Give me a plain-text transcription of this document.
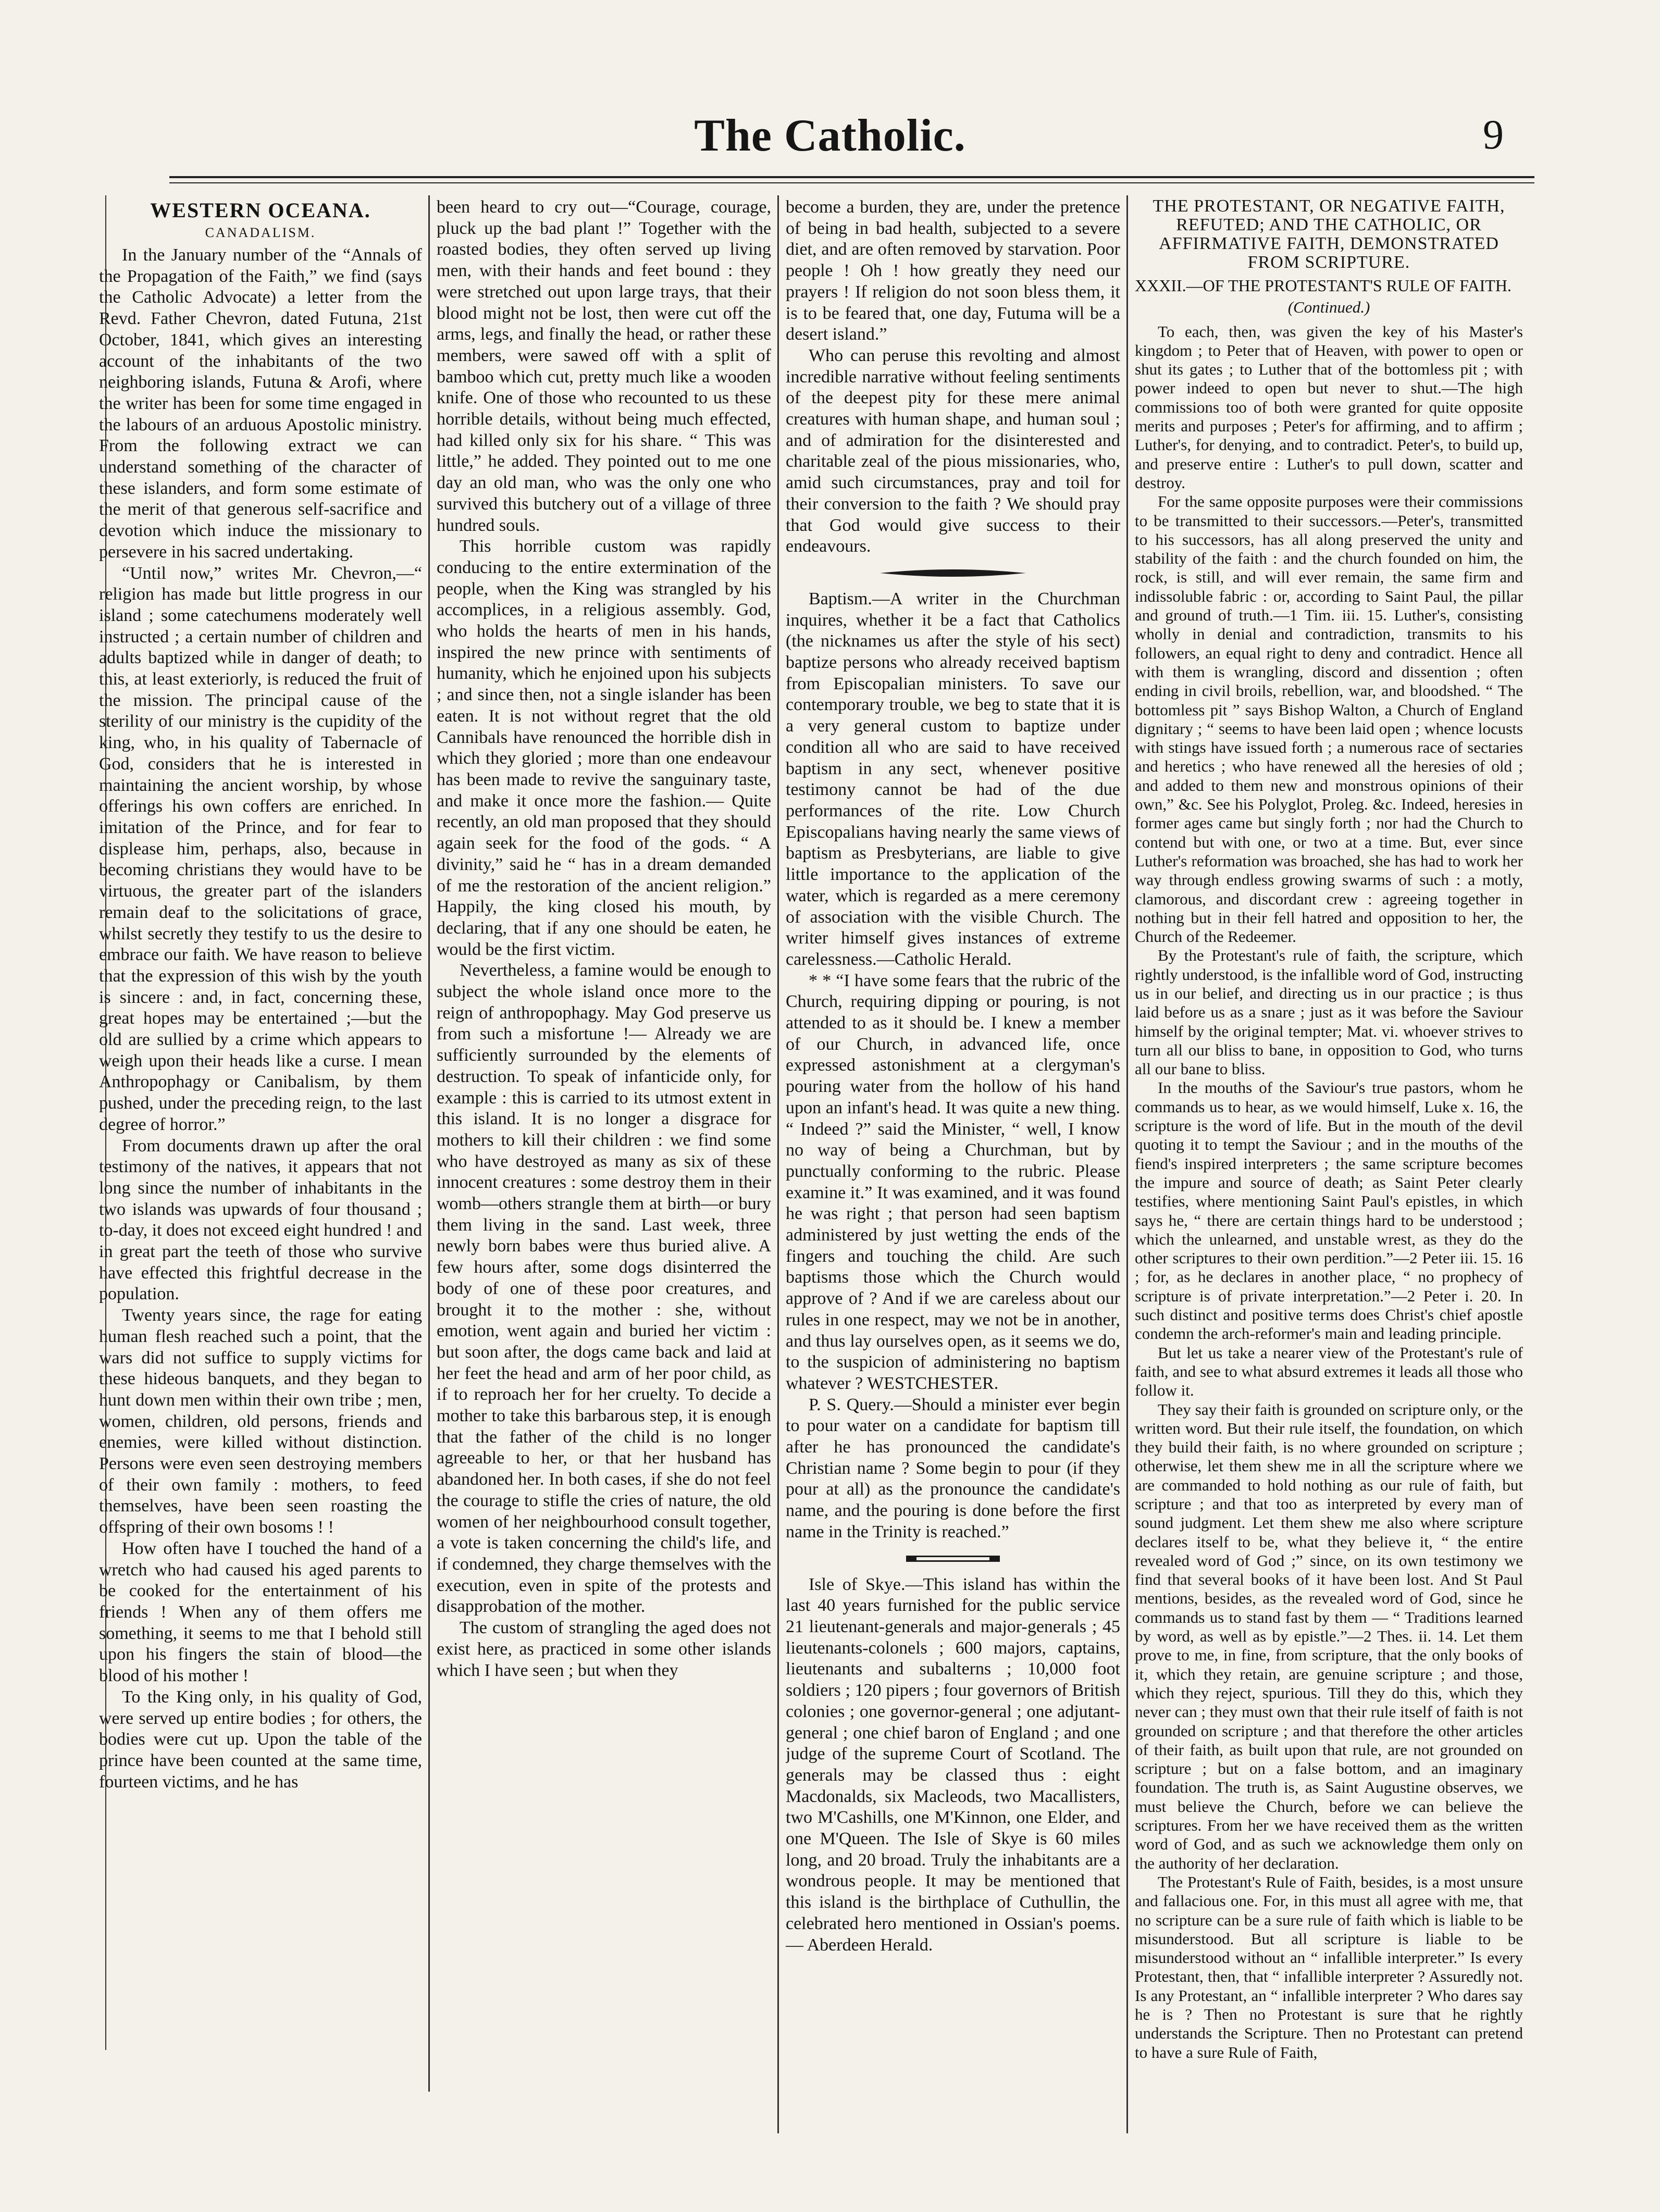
The Catholic.	9
WESTERN OCEANA.
CANADALISM.

In the January number of the “Annals of the Propagation of the Faith,” we find (says the Catholic Advocate) a letter from the Revd. Father Chevron, dated Futuna, 21st October, 1841, which gives an interesting account of the inhabitants of the two neighboring islands, Futuna & Arofi, where the writer has been for some time engaged in the labours of an arduous Apostolic ministry. From the following extract we can understand something of the character of these islanders, and form some estimate of the merit of that generous self-sacrifice and devotion which induce the missionary to persevere in his sacred undertaking.

“Until now,” writes Mr. Chevron,—“ religion has made but little progress in our island ; some catechumens moderately well instructed ; a certain number of children and adults baptized while in danger of death; to this, at least exteriorly, is reduced the fruit of the mission. The principal cause of the sterility of our ministry is the cupidity of the king, who, in his quality of Tabernacle of God, considers that he is interested in maintaining the ancient worship, by whose offerings his own coffers are enriched. In imitation of the Prince, and for fear to displease him, perhaps, also, because in becoming christians they would have to be virtuous, the greater part of the islanders remain deaf to the solicitations of grace, whilst secretly they testify to us the desire to embrace our faith. We have reason to believe that the expression of this wish by the youth is sincere : and, in fact, concerning these, great hopes may be entertained ;—but the old are sullied by a crime which appears to weigh upon their heads like a curse. I mean Anthropophagy or Canibalism, by them pushed, under the preceding reign, to the last degree of horror.”

From documents drawn up after the oral testimony of the natives, it appears that not long since the number of inhabitants in the two islands was upwards of four thousand ; to-day, it does not exceed eight hundred ! and in great part the teeth of those who survive have effected this frightful decrease in the population.

Twenty years since, the rage for eating human flesh reached such a point, that the wars did not suffice to supply victims for these hideous banquets, and they began to hunt down men within their own tribe ; men, women, children, old persons, friends and enemies, were killed without distinction. Persons were even seen destroying members of their own family : mothers, to feed themselves, have been seen roasting the offspring of their own bosoms ! !

How often have I touched the hand of a wretch who had caused his aged parents to be cooked for the entertainment of his friends ! When any of them offers me something, it seems to me that I behold still upon his fingers the stain of blood—the blood of his mother !

To the King only, in his quality of God, were served up entire bodies ; for others, the bodies were cut up. Upon the table of the prince have been counted at the same time, fourteen victims, and he has

been heard to cry out—“Courage, courage, pluck up the bad plant !” Together with the roasted bodies, they often served up living men, with their hands and feet bound : they were stretched out upon large trays, that their blood might not be lost, then were cut off the arms, legs, and finally the head, or rather these members, were sawed off with a split of bamboo which cut, pretty much like a wooden knife. One of those who recounted to us these horrible details, without being much effected, had killed only six for his share. “ This was little,” he added. They pointed out to me one day an old man, who was the only one who survived this butchery out of a village of three hundred souls.

This horrible custom was rapidly conducing to the entire extermination of the people, when the King was strangled by his accomplices, in a religious assembly. God, who holds the hearts of men in his hands, inspired the new prince with sentiments of humanity, which he enjoined upon his subjects ; and since then, not a single islander has been eaten. It is not without regret that the old Cannibals have renounced the horrible dish in which they gloried ; more than one endeavour has been made to revive the sanguinary taste, and make it once more the fashion.— Quite recently, an old man proposed that they should again seek for the food of the gods. “ A divinity,” said he “ has in a dream demanded of me the restoration of the ancient religion.” Happily, the king closed his mouth, by declaring, that if any one should be eaten, he would be the first victim.

Nevertheless, a famine would be enough to subject the whole island once more to the reign of anthropophagy. May God preserve us from such a misfortune !— Already we are sufficiently surrounded by the elements of destruction. To speak of infanticide only, for example : this is carried to its utmost extent in this island. It is no longer a disgrace for mothers to kill their children : we find some who have destroyed as many as six of these innocent creatures : some destroy them in their womb—others strangle them at birth—or bury them living in the sand. Last week, three newly born babes were thus buried alive. A few hours after, some dogs disinterred the body of one of these poor creatures, and brought it to the mother : she, without emotion, went again and buried her victim : but soon after, the dogs came back and laid at her feet the head and arm of her poor child, as if to reproach her for her cruelty. To decide a mother to take this barbarous step, it is enough that the father of the child is no longer agreeable to her, or that her husband has abandoned her. In both cases, if she do not feel the courage to stifle the cries of nature, the old women of her neighbourhood consult together, a vote is taken concerning the child's life, and if condemned, they charge themselves with the execution, even in spite of the protests and disapprobation of the mother.

The custom of strangling the aged does not exist here, as practiced in some other islands which I have seen ; but when they

become a burden, they are, under the pretence of being in bad health, subjected to a severe diet, and are often removed by starvation. Poor people ! Oh ! how greatly they need our prayers ! If religion do not soon bless them, it is to be feared that, one day, Futuma will be a desert island.”

Who can peruse this revolting and almost incredible narrative without feeling sentiments of the deepest pity for these mere animal creatures with human shape, and human soul ; and of admiration for the disinterested and charitable zeal of the pious missionaries, who, amid such circumstances, pray and toil for their conversion to the faith ? We should pray that God would give success to their endeavours.

Baptism.—A writer in the Churchman inquires, whether it be a fact that Catholics (the nicknames us after the style of his sect) baptize persons who already received baptism from Episcopalian ministers. To save our contemporary trouble, we beg to state that it is a very general custom to baptize under condition all who are said to have received baptism in any sect, whenever positive testimony cannot be had of the due performances of the rite. Low Church Episcopalians having nearly the same views of baptism as Presbyterians, are liable to give little importance to the application of the water, which is regarded as a mere ceremony of association with the visible Church. The writer himself gives instances of extreme carelessness.—Catholic Herald.

* * “I have some fears that the rubric of the Church, requiring dipping or pouring, is not attended to as it should be. I knew a member of our Church, in advanced life, once expressed astonishment at a clergyman's pouring water from the hollow of his hand upon an infant's head. It was quite a new thing. “ Indeed ?” said the Minister, “ well, I know no way of being a Churchman, but by punctually conforming to the rubric. Please examine it.” It was examined, and it was found he was right ; that person had seen baptism administered by just wetting the ends of the fingers and touching the child. Are such baptisms those which the Church would approve of ? And if we are careless about our rules in one respect, may we not be in another, and thus lay ourselves open, as it seems we do, to the suspicion of administering no baptism whatever ? WESTCHESTER.

P. S. Query.—Should a minister ever begin to pour water on a candidate for baptism till after he has pronounced the candidate's Christian name ? Some begin to pour (if they pour at all) as the pronounce the candidate's name, and the pouring is done before the first name in the Trinity is reached.”

Isle of Skye.—This island has within the last 40 years furnished for the public service 21 lieutenant-generals and major-generals ; 45 lieutenants-colonels ; 600 majors, captains, lieutenants and subalterns ; 10,000 foot soldiers ; 120 pipers ; four governors of British colonies ; one governor-general ; one adjutant-general ; one chief baron of England ; and one judge of the supreme Court of Scotland. The generals may be classed thus : eight Macdonalds, six Macleods, two Macallisters, two M'Cashills, one M'Kinnon, one Elder, and one M'Queen. The Isle of Skye is 60 miles long, and 20 broad. Truly the inhabitants are a wondrous people. It may be mentioned that this island is the birthplace of Cuthullin, the celebrated hero mentioned in Ossian's poems.— Aberdeen Herald.

THE PROTESTANT, OR NEGATIVE FAITH, REFUTED; AND THE CATHOLIC, OR AFFIRMATIVE FAITH, DEMONSTRATED FROM SCRIPTURE.

XXXII.—OF THE PROTESTANT'S RULE OF FAITH.

(Continued.)

To each, then, was given the key of his Master's kingdom ; to Peter that of Heaven, with power to open or shut its gates ; to Luther that of the bottomless pit ; with power indeed to open but never to shut.—The high commissions too of both were granted for quite opposite merits and purposes ; Peter's for affirming, and to affirm ; Luther's, for denying, and to contradict. Peter's, to build up, and preserve entire : Luther's to pull down, scatter and destroy.

For the same opposite purposes were their commissions to be transmitted to their successors.—Peter's, transmitted to his successors, has all along preserved the unity and stability of the faith : and the church founded on him, the rock, is still, and will ever remain, the same firm and indissoluble fabric : or, according to Saint Paul, the pillar and ground of truth.—1 Tim. iii. 15. Luther's, consisting wholly in denial and contradiction, transmits to his followers, an equal right to deny and contradict. Hence all with them is wrangling, discord and dissention ; often ending in civil broils, rebellion, war, and bloodshed. “ The bottomless pit ” says Bishop Walton, a Church of England dignitary ; “ seems to have been laid open ; whence locusts with stings have issued forth ; a numerous race of sectaries and heretics ; who have renewed all the heresies of old ; and added to them new and monstrous opinions of their own,” &c. See his Polyglot, Proleg. &c. Indeed, heresies in former ages came but singly forth ; nor had the Church to contend but with one, or two at a time. But, ever since Luther's reformation was broached, she has had to work her way through endless growing swarms of such : a motly, clamorous, and discordant crew : agreeing together in nothing but in their fell hatred and opposition to her, the Church of the Redeemer.

By the Protestant's rule of faith, the scripture, which rightly understood, is the infallible word of God, instructing us in our belief, and directing us in our practice ; is thus laid before us as a snare ; just as it was before the Saviour himself by the original tempter; Mat. vi. whoever strives to turn all our bliss to bane, in opposition to God, who turns all our bane to bliss.

In the mouths of the Saviour's true pastors, whom he commands us to hear, as we would himself, Luke x. 16, the scripture is the word of life. But in the mouth of the devil quoting it to tempt the Saviour ; and in the mouths of the fiend's inspired interpreters ; the same scripture becomes the impure and source of death; as Saint Peter clearly testifies, where mentioning Saint Paul's epistles, in which says he, “ there are certain things hard to be understood ; which the unlearned, and unstable wrest, as they do the other scriptures to their own perdition.”—2 Peter iii. 15. 16 ; for, as he declares in another place, “ no prophecy of scripture is of private interpretation.”—2 Peter i. 20. In such distinct and positive terms does Christ's chief apostle condemn the arch-reformer's main and leading principle.

But let us take a nearer view of the Protestant's rule of faith, and see to what absurd extremes it leads all those who follow it.

They say their faith is grounded on scripture only, or the written word. But their rule itself, the foundation, on which they build their faith, is no where grounded on scripture ; otherwise, let them shew me in all the scripture where we are commanded to hold nothing as our rule of faith, but scripture ; and that too as interpreted by every man of sound judgment. Let them shew me also where scripture declares itself to be, what they believe it, “ the entire revealed word of God ;” since, on its own testimony we find that several books of it have been lost. And St Paul mentions, besides, as the revealed word of God, since he commands us to stand fast by them — “ Traditions learned by word, as well as by epistle.”—2 Thes. ii. 14. Let them prove to me, in fine, from scripture, that the only books of it, which they retain, are genuine scripture ; and those, which they reject, spurious. Till they do this, which they never can ; they must own that their rule itself of faith is not grounded on scripture ; and that therefore the other articles of their faith, as built upon that rule, are not grounded on scripture ; but on a false bottom, and an imaginary foundation. The truth is, as Saint Augustine observes, we must believe the Church, before we can believe the scriptures. From her we have received them as the written word of God, and as such we acknowledge them only on the authority of her declaration.

The Protestant's Rule of Faith, besides, is a most unsure and fallacious one. For, in this must all agree with me, that no scripture can be a sure rule of faith which is liable to be misunderstood. But all scripture is liable to be misunderstood without an “ infallible interpreter.” Is every Protestant, then, that “ infallible interpreter ? Assuredly not. Is any Protestant, an “ infallible interpreter ? Who dares say he is ? Then no Protestant is sure that he rightly understands the Scripture. Then no Protestant can pretend to have a sure Rule of Faith,
